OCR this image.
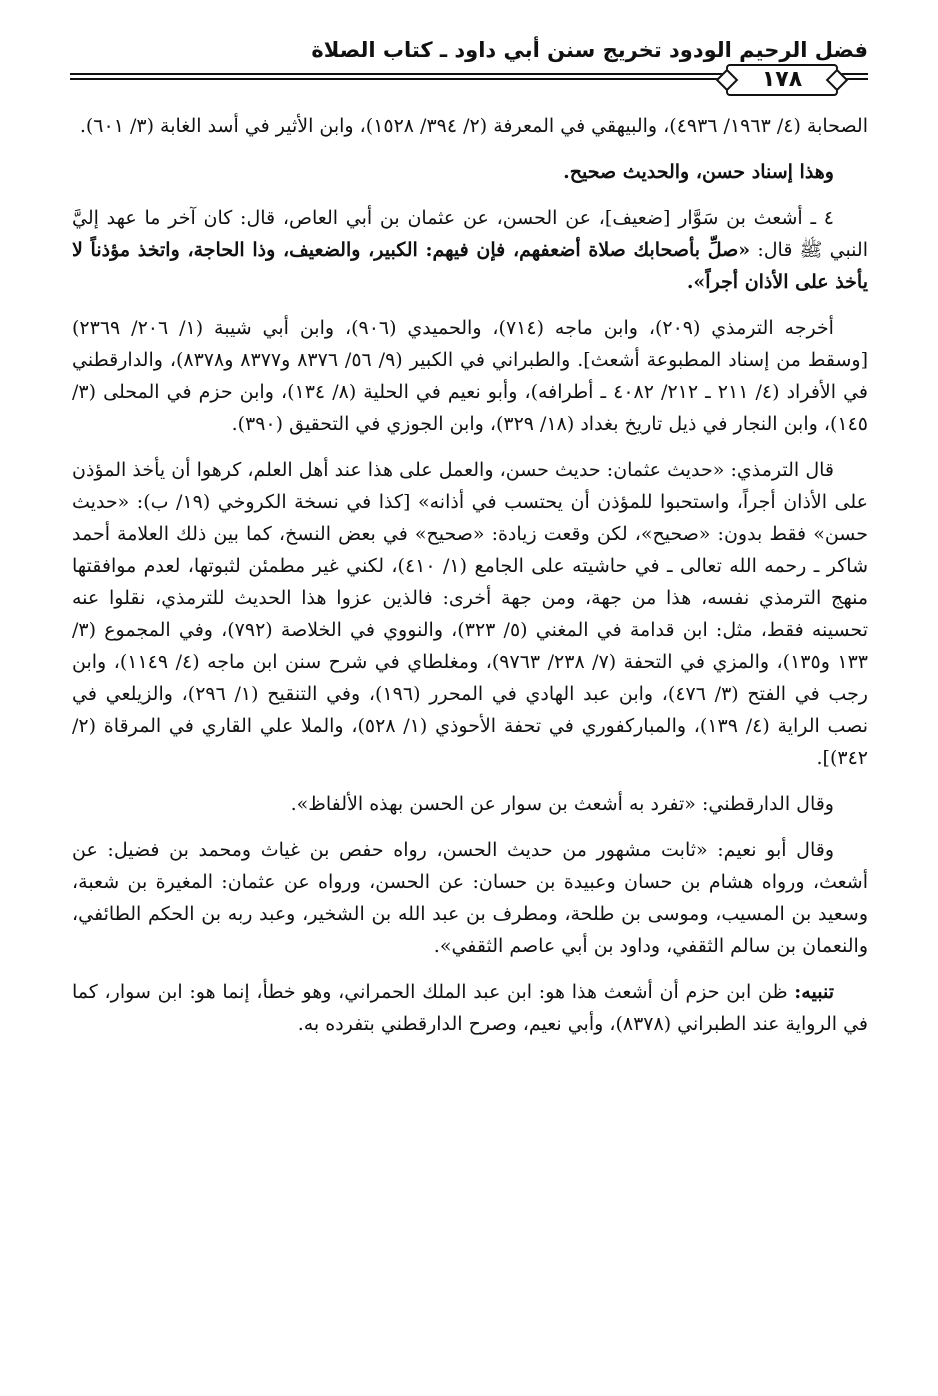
فضل الرحيم الودود تخريج سنن أبي داود ـ كتاب الصلاة
١٧٨

الصحابة (٤/ ١٩٦٣/ ٤٩٣٦)، والبيهقي في المعرفة (٢/ ٣٩٤/ ١٥٢٨)، وابن الأثير في أسد الغابة (٣/ ٦٠١).

وهذا إسناد حسن، والحديث صحيح.

٤ ـ أشعث بن سَوَّار [ضعيف]، عن الحسن، عن عثمان بن أبي العاص، قال: كان آخر ما عهد إليَّ النبي ﷺ قال: «صلِّ بأصحابك صلاة أضعفهم، فإن فيهم: الكبير، والضعيف، وذا الحاجة، واتخذ مؤذناً لا يأخذ على الأذان أجراً».

أخرجه الترمذي (٢٠٩)، وابن ماجه (٧١٤)، والحميدي (٩٠٦)، وابن أبي شيبة (١/ ٢٠٦/ ٢٣٦٩) [وسقط من إسناد المطبوعة أشعث]. والطبراني في الكبير (٩/ ٥٦/ ٨٣٧٦ و٨٣٧٧ و٨٣٧٨)، والدارقطني في الأفراد (٤/ ٢١١ ـ ٢١٢/ ٤٠٨٢ ـ أطرافه)، وأبو نعيم في الحلية (٨/ ١٣٤)، وابن حزم في المحلى (٣/ ١٤٥)، وابن النجار في ذيل تاريخ بغداد (١٨/ ٣٢٩)، وابن الجوزي في التحقيق (٣٩٠).

قال الترمذي: «حديث عثمان: حديث حسن، والعمل على هذا عند أهل العلم، كرهوا أن يأخذ المؤذن على الأذان أجراً، واستحبوا للمؤذن أن يحتسب في أذانه» [كذا في نسخة الكروخي (١٩/ ب): «حديث حسن» فقط بدون: «صحيح»، لكن وقعت زيادة: «صحيح» في بعض النسخ، كما بين ذلك العلامة أحمد شاكر ـ رحمه الله تعالى ـ في حاشيته على الجامع (١/ ٤١٠)، لكني غير مطمئن لثبوتها، لعدم موافقتها منهج الترمذي نفسه، هذا من جهة، ومن جهة أخرى: فالذين عزوا هذا الحديث للترمذي، نقلوا عنه تحسينه فقط، مثل: ابن قدامة في المغني (٥/ ٣٢٣)، والنووي في الخلاصة (٧٩٢)، وفي المجموع (٣/ ١٣٣ و١٣٥)، والمزي في التحفة (٧/ ٢٣٨/ ٩٧٦٣)، ومغلطاي في شرح سنن ابن ماجه (٤/ ١١٤٩)، وابن رجب في الفتح (٣/ ٤٧٦)، وابن عبد الهادي في المحرر (١٩٦)، وفي التنقيح (١/ ٢٩٦)، والزيلعي في نصب الراية (٤/ ١٣٩)، والمباركفوري في تحفة الأحوذي (١/ ٥٢٨)، والملا علي القاري في المرقاة (٢/ ٣٤٢)].

وقال الدارقطني: «تفرد به أشعث بن سوار عن الحسن بهذه الألفاظ».

وقال أبو نعيم: «ثابت مشهور من حديث الحسن، رواه حفص بن غياث ومحمد بن فضيل: عن أشعث، ورواه هشام بن حسان وعبيدة بن حسان: عن الحسن، ورواه عن عثمان: المغيرة بن شعبة، وسعيد بن المسيب، وموسى بن طلحة، ومطرف بن عبد الله بن الشخير، وعبد ربه بن الحكم الطائفي، والنعمان بن سالم الثقفي، وداود بن أبي عاصم الثقفي».

تنبيه: ظن ابن حزم أن أشعث هذا هو: ابن عبد الملك الحمراني، وهو خطأ، إنما هو: ابن سوار، كما في الرواية عند الطبراني (٨٣٧٨)، وأبي نعيم، وصرح الدارقطني بتفرده به.
